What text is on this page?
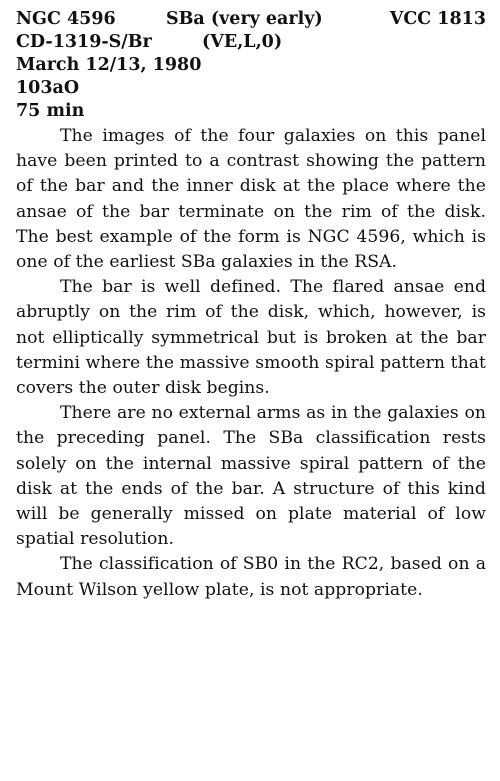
NGC 4596	SBa (very early)	VCC 1813
CD-1319-S/Br	(VE,L,0)
March 12/13, 1980
103aO
75 min

The images of the four galaxies on this panel have been printed to a contrast showing the pattern of the bar and the inner disk at the place where the ansae of the bar terminate on the rim of the disk. The best example of the form is NGC 4596, which is one of the earliest SBa galaxies in the RSA.

The bar is well defined. The flared ansae end abruptly on the rim of the disk, which, however, is not elliptically symmetrical but is broken at the bar termini where the massive smooth spiral pattern that covers the outer disk begins.

There are no external arms as in the galaxies on the preceding panel. The SBa classification rests solely on the internal massive spiral pattern of the disk at the ends of the bar. A structure of this kind will be generally missed on plate material of low spatial resolution.

The classification of SB0 in the RC2, based on a Mount Wilson yellow plate, is not appropriate.
